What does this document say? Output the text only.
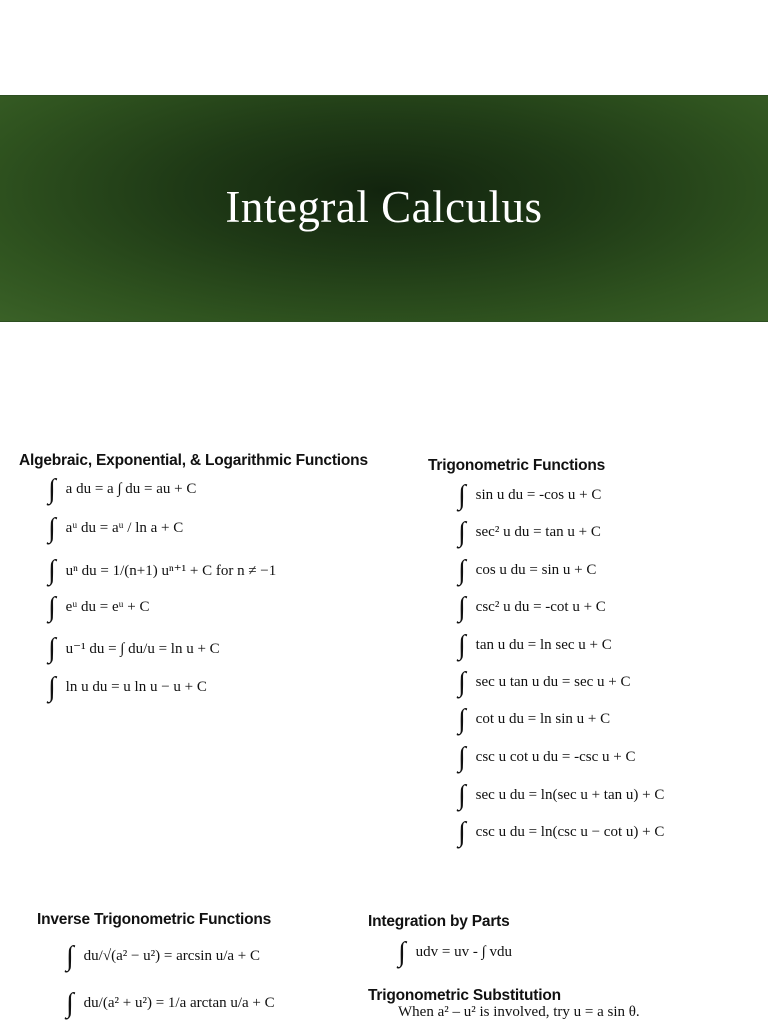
Integral Calculus
Algebraic, Exponential, & Logarithmic Functions
∫ a du = a ∫ du = au + C
∫ aᵘ du = aᵘ / ln a + C
∫ uⁿ du = 1/(n+1) uⁿ⁺¹ + C for n ≠ −1
∫ eᵘ du = eᵘ + C
∫ u⁻¹ du = ∫ du/u = ln u + C
∫ ln u du = u ln u − u + C
Trigonometric Functions
∫ sin u du = -cos u + C
∫ sec² u du = tan u + C
∫ cos u du = sin u + C
∫ csc² u du = -cot u + C
∫ tan u du = ln sec u + C
∫ sec u tan u du = sec u + C
∫ cot u du = ln sin u + C
∫ csc u cot u du = -csc u + C
∫ sec u du = ln(sec u + tan u) + C
∫ csc u du = ln(csc u − cot u) + C
Inverse Trigonometric Functions
∫ du/√(a² − u²) = arcsin u/a + C
∫ du/(a² + u²) = 1/a arctan u/a + C
Integration by Parts
∫ udv = uv - ∫ vdu
Trigonometric Substitution
When a² – u² is involved, try u = a sin θ.
